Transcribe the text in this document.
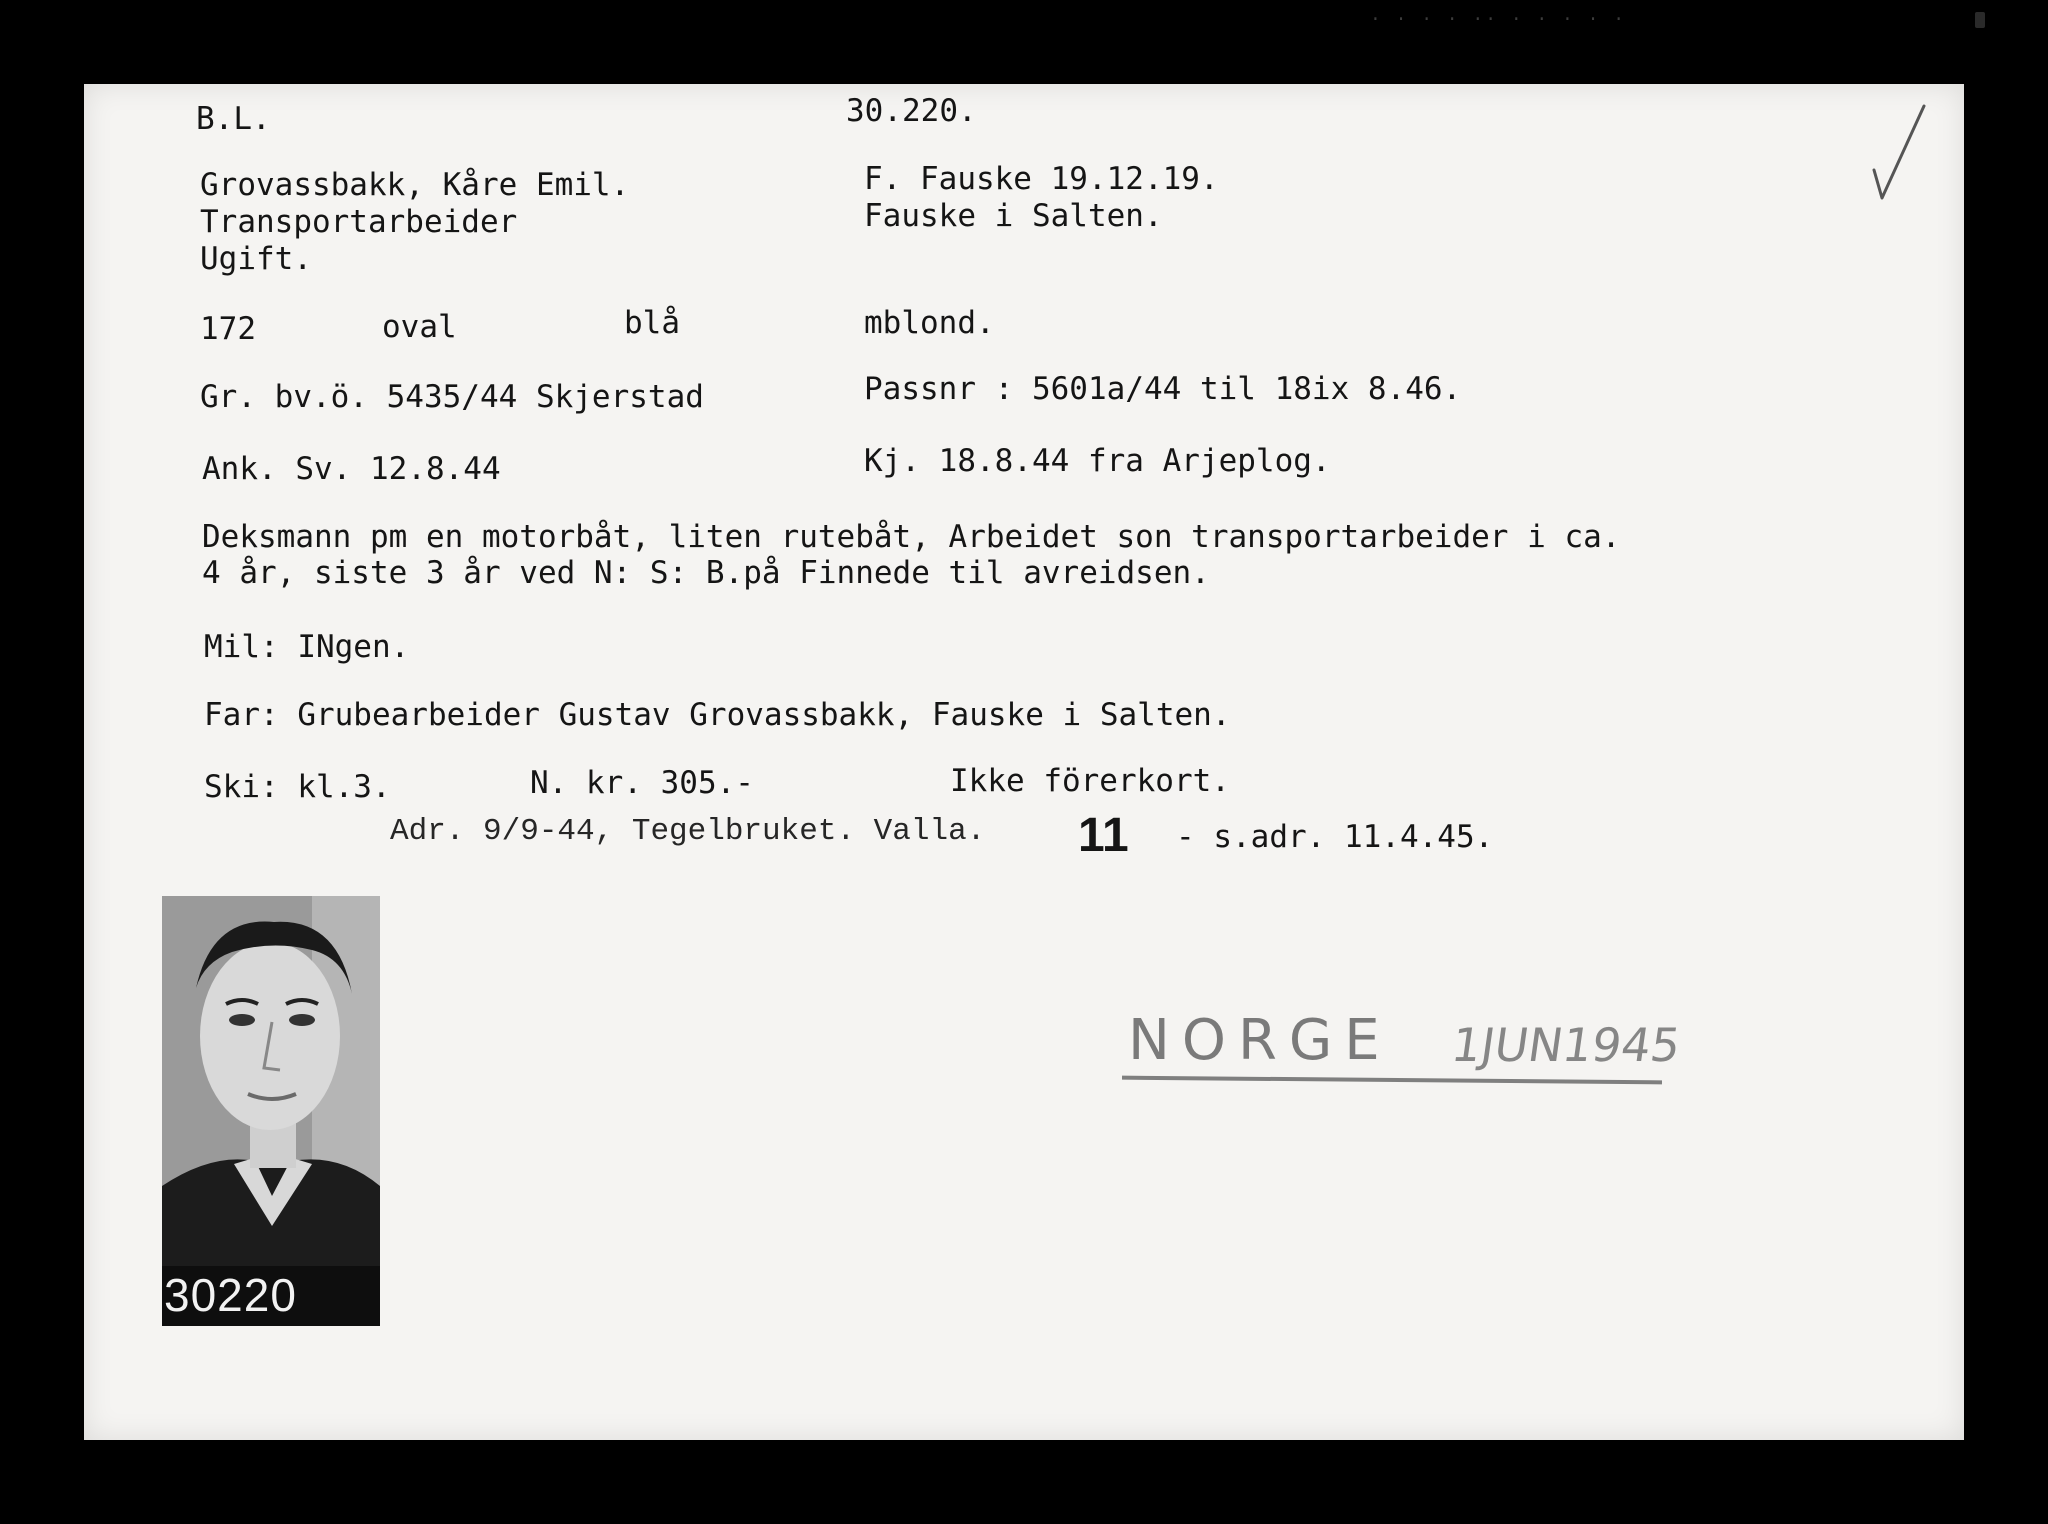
· · · · ·· · · · · ·
B.L.	30.220.
Grovassbakk, Kåre Emil.
Transportarbeider
Ugift.
F. Fauske 19.12.19.
Fauske i Salten.
172	oval	blå	mblond.
Gr. bv.ö. 5435/44 Skjerstad	Passnr : 5601a/44 til 18ix 8.46.
Ank. Sv. 12.8.44	Kj. 18.8.44 fra Arjeplog.
Deksmann pm en motorbåt, liten rutebåt, Arbeidet son transportarbeider i ca.
4 år, siste 3 år ved N: S: B.på Finnede til avreidsen.
Mil: INgen.
Far: Grubearbeider Gustav Grovassbakk, Fauske i Salten.
Ski: kl.3.	N. kr. 305.-	Ikke förerkort.
Adr. 9/9-44, Tegelbruket. Valla. 11 - s.adr. 11.4.45.
30220
NORGE 1JUN1945
